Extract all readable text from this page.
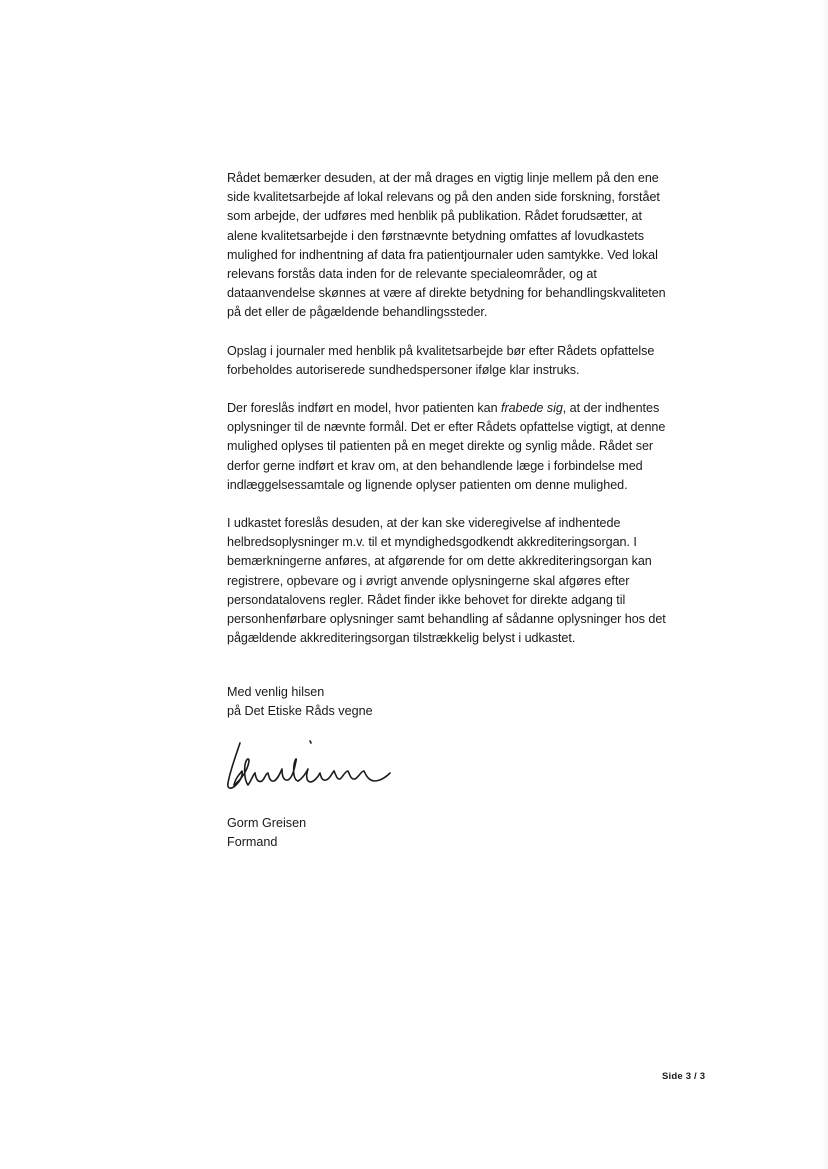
Rådet bemærker desuden, at der må drages en vigtig linje mellem på den ene
side kvalitetsarbejde af lokal relevans og på den anden side forskning, forstået
som arbejde, der udføres med henblik på publikation. Rådet forudsætter, at
alene kvalitetsarbejde i den førstnævnte betydning omfattes af lovudkastets
mulighed for indhentning af data fra patientjournaler uden samtykke. Ved lokal
relevans forstås data inden for de relevante specialeområder, og at
dataanvendelse skønnes at være af direkte betydning for behandlingskvaliteten
på det eller de pågældende behandlingssteder.

Opslag i journaler med henblik på kvalitetsarbejde bør efter Rådets opfattelse
forbeholdes autoriserede sundhedspersoner ifølge klar instruks.

Der foreslås indført en model, hvor patienten kan frabede sig, at der indhentes
oplysninger til de nævnte formål. Det er efter Rådets opfattelse vigtigt, at denne
mulighed oplyses til patienten på en meget direkte og synlig måde. Rådet ser
derfor gerne indført et krav om, at den behandlende læge i forbindelse med
indlæggelsessamtale og lignende oplyser patienten om denne mulighed.

I udkastet foreslås desuden, at der kan ske videregivelse af indhentede
helbredsoplysninger m.v. til et myndighedsgodkendt akkrediteringsorgan. I
bemærkningerne anføres, at afgørende for om dette akkrediteringsorgan kan
registrere, opbevare og i øvrigt anvende oplysningerne skal afgøres efter
persondatalovens regler. Rådet finder ikke behovet for direkte adgang til
personhenførbare oplysninger samt behandling af sådanne oplysninger hos det
pågældende akkrediteringsorgan tilstrækkelig belyst i udkastet.

Med venlig hilsen
på Det Etiske Råds vegne
Gorm Greisen
Formand
Side 3 / 3
